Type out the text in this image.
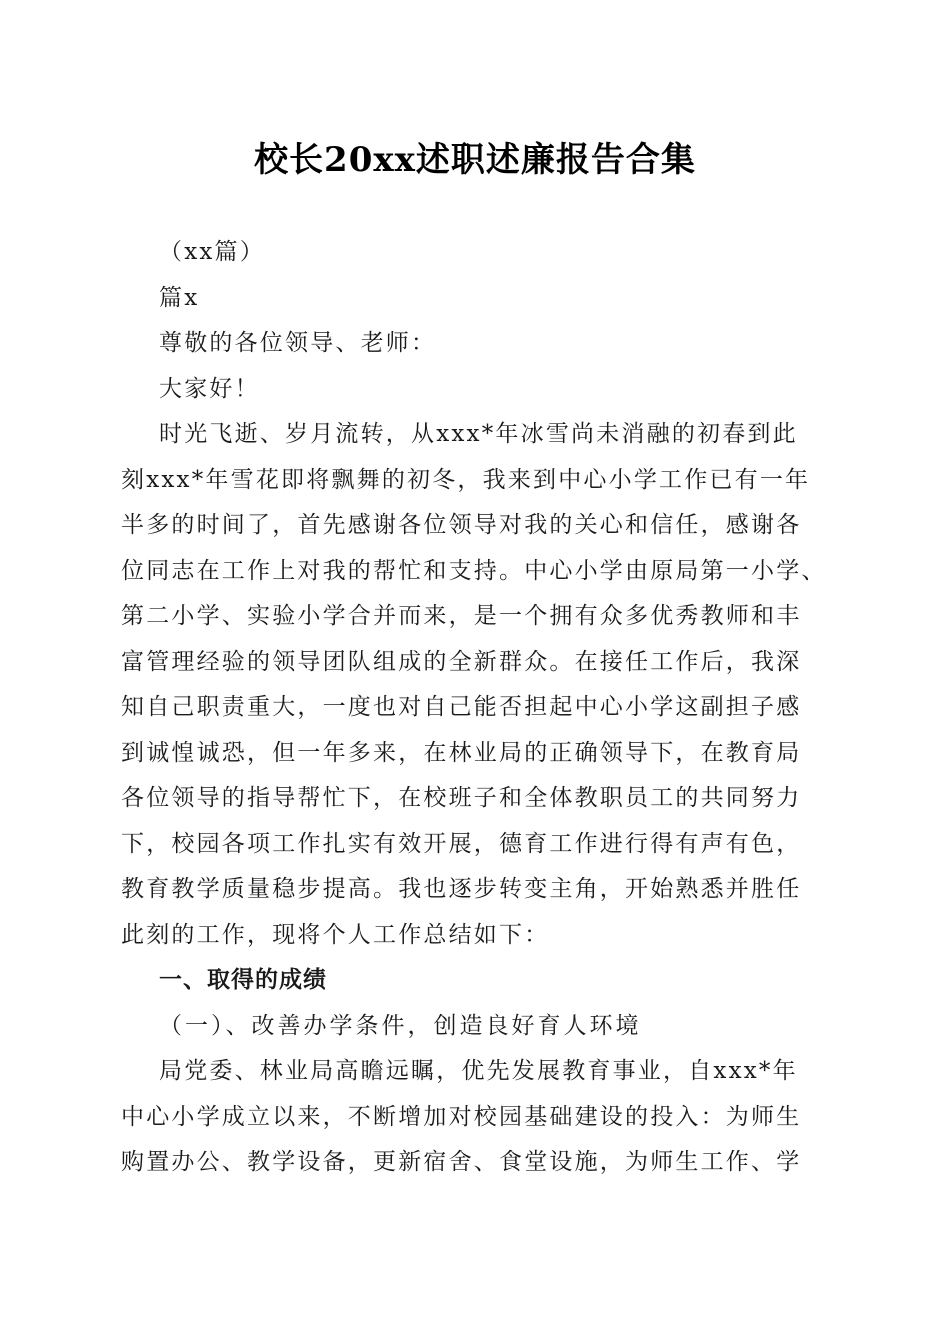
校长20xx述职述廉报告合集
（xx篇）
篇x
尊敬的各位领导、老师：
大家好！
时光飞逝、岁月流转，从xxx*年冰雪尚未消融的初春到此
刻xxx*年雪花即将飘舞的初冬，我来到中心小学工作已有一年
半多的时间了，首先感谢各位领导对我的关心和信任，感谢各
位同志在工作上对我的帮忙和支持。中心小学由原局第一小学、
第二小学、实验小学合并而来，是一个拥有众多优秀教师和丰
富管理经验的领导团队组成的全新群众。在接任工作后，我深
知自己职责重大，一度也对自己能否担起中心小学这副担子感
到诚惶诚恐，但一年多来，在林业局的正确领导下，在教育局
各位领导的指导帮忙下，在校班子和全体教职员工的共同努力
下，校园各项工作扎实有效开展，德育工作进行得有声有色，
教育教学质量稳步提高。我也逐步转变主角，开始熟悉并胜任
此刻的工作，现将个人工作总结如下：
一、取得的成绩
（一）、改善办学条件，创造良好育人环境
局党委、林业局高瞻远瞩，优先发展教育事业，自xxx*年
中心小学成立以来，不断增加对校园基础建设的投入：为师生
购置办公、教学设备，更新宿舍、食堂设施，为师生工作、学
